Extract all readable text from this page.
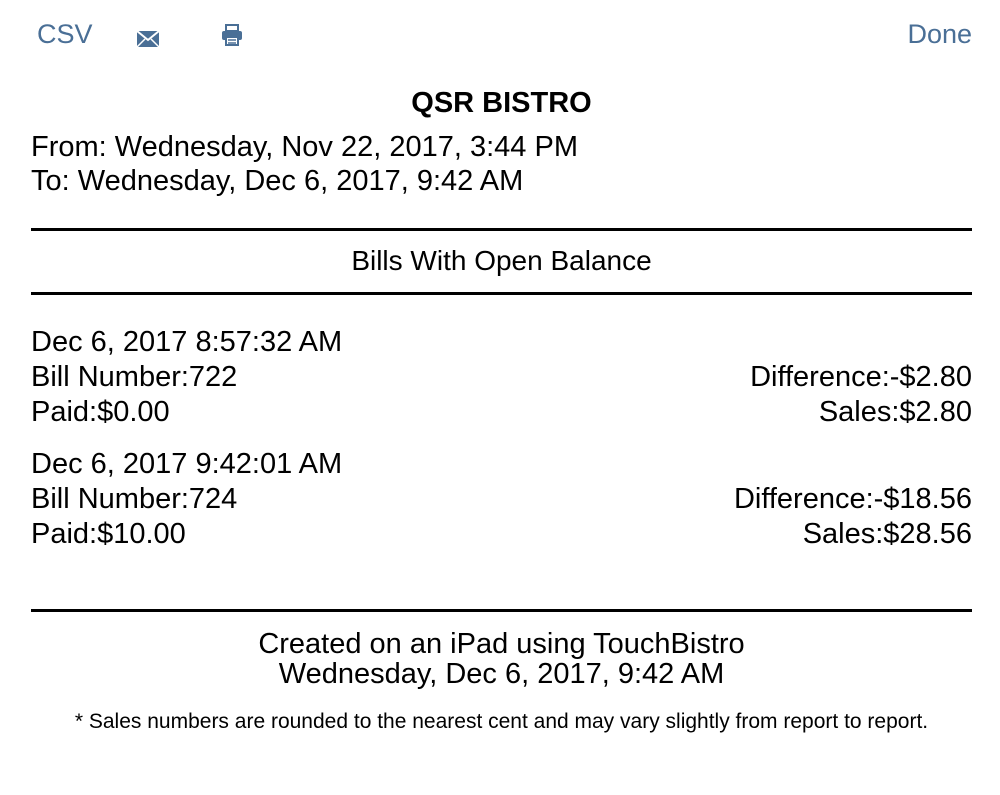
CSV	Done
QSR BISTRO
From: Wednesday, Nov 22, 2017, 3:44 PM
To: Wednesday, Dec 6, 2017, 9:42 AM
Bills With Open Balance
Dec 6, 2017 8:57:32 AM
Bill Number:722	Difference:-$2.80
Paid:$0.00	Sales:$2.80
Dec 6, 2017 9:42:01 AM
Bill Number:724	Difference:-$18.56
Paid:$10.00	Sales:$28.56
Created on an iPad using TouchBistro
Wednesday, Dec 6, 2017, 9:42 AM
* Sales numbers are rounded to the nearest cent and may vary slightly from report to report.
